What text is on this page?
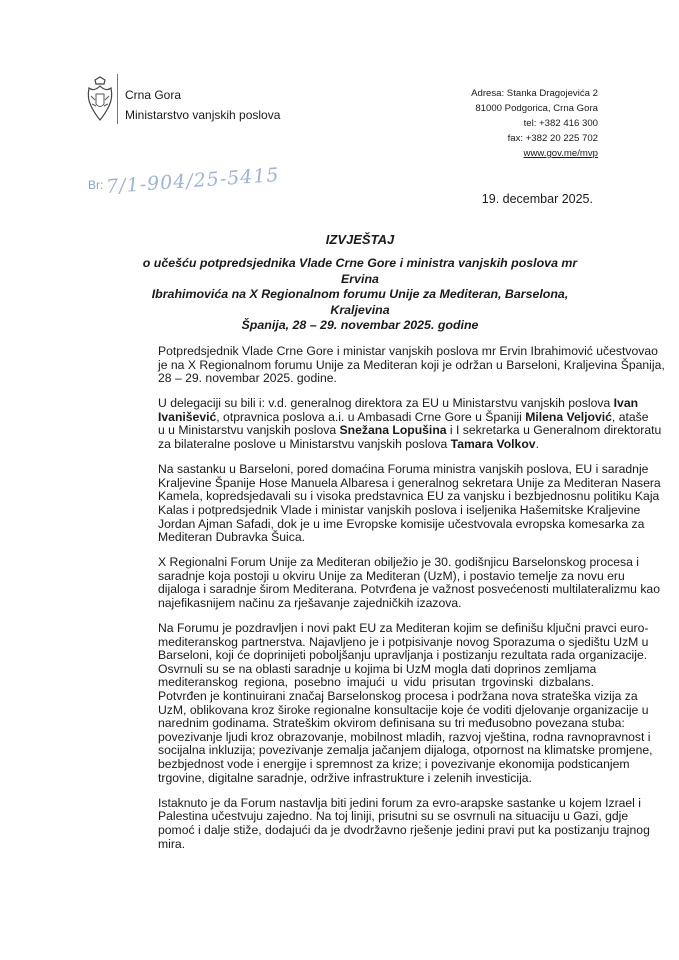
Crna Gora
Ministarstvo vanjskih poslova
Adresa: Stanka Dragojevića 2
81000 Podgorica, Crna Gora
tel: +382 416 300
fax: +382 20 225 702
www.gov.me/mvp
Br: 7/1-904/25-5415
19. decembar 2025.
IZVJEŠTAJ
o učešću potpredsjednika Vlade Crne Gore i ministra vanjskih poslova mr Ervina
Ibrahimovića na X Regionalnom forumu Unije za Mediteran, Barselona, Kraljevina
Španija, 28 – 29. novembar 2025. godine
Potpredsjednik Vlade Crne Gore i ministar vanjskih poslova mr Ervin Ibrahimović učestvovao
je na X Regionalnom forumu Unije za Mediteran koji je održan u Barseloni, Kraljevina Španija,
28 – 29. novembar 2025. godine.
U delegaciji su bili i: v.d. generalnog direktora za EU u Ministarstvu vanjskih poslova Ivan
Ivanišević, otpravnica poslova a.i. u Ambasadi Crne Gore u Španiji Milena Veljović, ataše
u u Ministarstvu vanjskih poslova Snežana Lopušina i I sekretarka u Generalnom direktoratu
za bilateralne poslove u Ministarstvu vanjskih poslova Tamara Volkov.
Na sastanku u Barseloni, pored domaćina Foruma ministra vanjskih poslova, EU i saradnje
Kraljevine Španije Hose Manuela Albaresa i generalnog sekretara Unije za Mediteran Nasera
Kamela, kopredsjedavali su i visoka predstavnica EU za vanjsku i bezbjednosnu politiku Kaja
Kalas i potpredsjednik Vlade i ministar vanjskih poslova i iseljenika Hašemitske Kraljevine
Jordan Ajman Safadi, dok je u ime Evropske komisije učestvovala evropska komesarka za
Mediteran Dubravka Šuica.
X Regionalni Forum Unije za Mediteran obilježio je 30. godišnjicu Barselonskog procesa i
saradnje koja postoji u okviru Unije za Mediteran (UzM), i postavio temelje za novu eru
dijaloga i saradnje širom Mediterana. Potvrđena je važnost posvećenosti multilateralizmu kao
najefikasnijem načinu za rješavanje zajedničkih izazova.
Na Forumu je pozdravljen i novi pakt EU za Mediteran kojim se definišu ključni pravci euro-
mediteranskog partnerstva. Najavljeno je i potpisivanje novog Sporazuma o sjedištu UzM u
Barseloni, koji će doprinijeti poboljšanju upravljanja i postizanju rezultata rada organizacije.
Osvrnuli su se na oblasti saradnje u kojima bi UzM mogla dati doprinos zemljama
mediteranskog regiona, posebno imajući u vidu prisutan trgovinski dizbalans.
Potvrđen je kontinuirani značaj Barselonskog procesa i podržana nova strateška vizija za
UzM, oblikovana kroz široke regionalne konsultacije koje će voditi djelovanje organizacije u
narednim godinama. Strateškim okvirom definisana su tri međusobno povezana stuba:
povezivanje ljudi kroz obrazovanje, mobilnost mladih, razvoj vještina, rodna ravnopravnost i
socijalna inkluzija; povezivanje zemalja jačanjem dijaloga, otpornost na klimatske promjene,
bezbjednost vode i energije i spremnost za krize; i povezivanje ekonomija podsticanjem
trgovine, digitalne saradnje, održive infrastrukture i zelenih investicija.
Istaknuto je da Forum nastavlja biti jedini forum za evro-arapske sastanke u kojem Izrael i
Palestina učestvuju zajedno. Na toj liniji, prisutni su se osvrnuli na situaciju u Gazi, gdje
pomoć i dalje stiže, dodajući da je dvodržavno rješenje jedini pravi put ka postizanju trajnog
mira.
